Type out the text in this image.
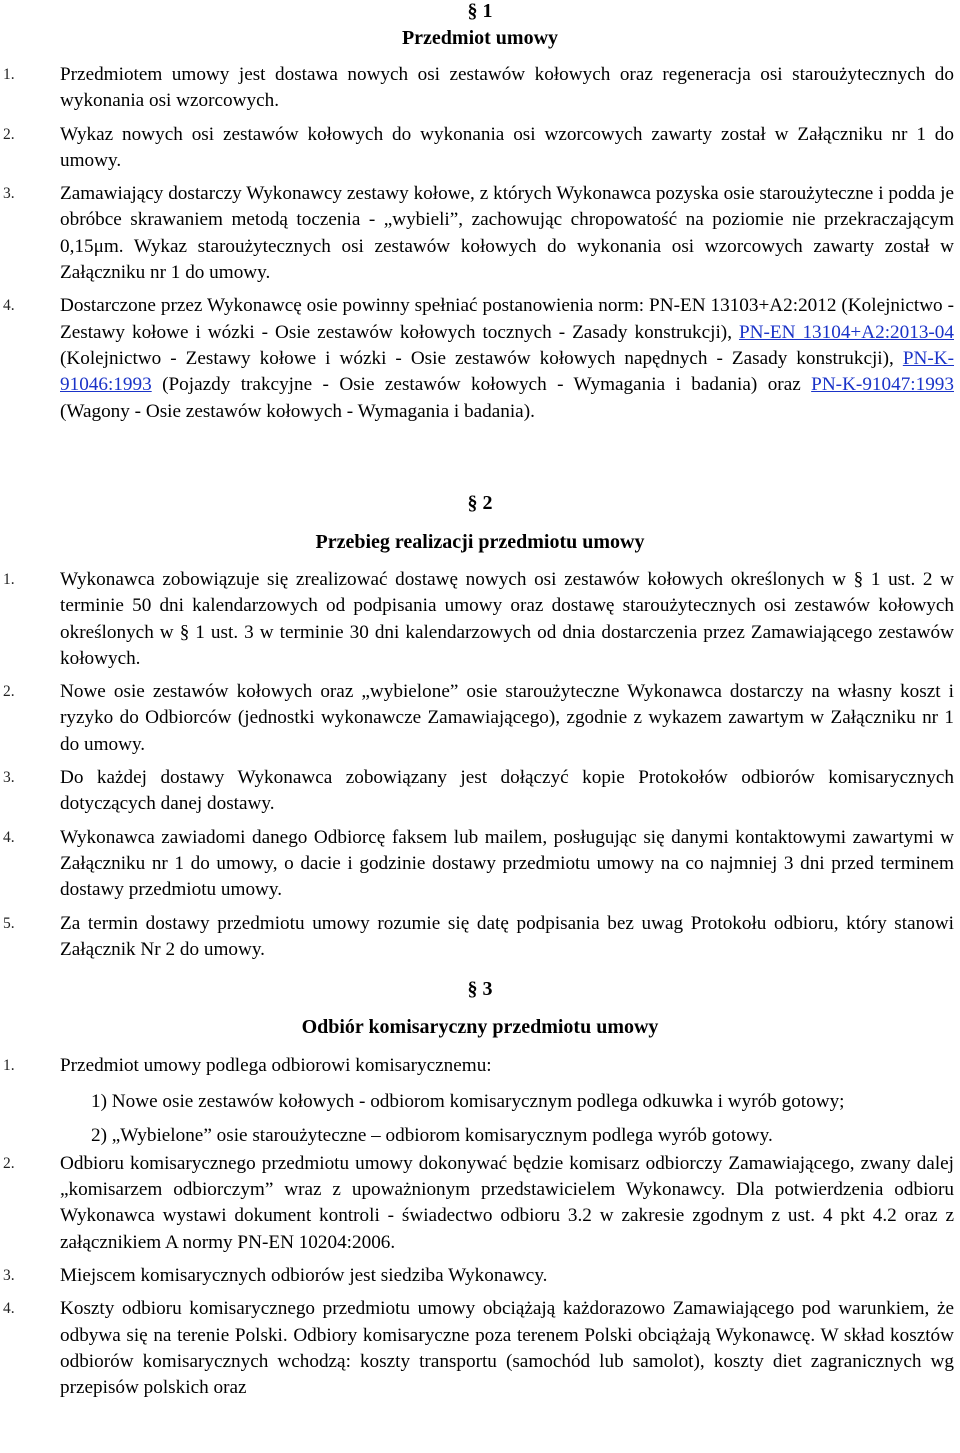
§ 1
Przedmiot umowy
1.	Przedmiotem umowy jest dostawa nowych osi zestawów kołowych oraz regeneracja osi staroużytecznych do wykonania osi wzorcowych.
2.	Wykaz nowych osi zestawów kołowych do wykonania osi wzorcowych zawarty został w Załączniku nr 1 do umowy.
3.	Zamawiający dostarczy Wykonawcy zestawy kołowe, z których Wykonawca pozyska osie staroużyteczne i podda je obróbce skrawaniem metodą toczenia - „wybieli”, zachowując chropowatość na poziomie nie przekraczającym 0,15μm. Wykaz staroużytecznych osi zestawów kołowych do wykonania osi wzorcowych zawarty został w Załączniku nr 1 do umowy.
4.	Dostarczone przez Wykonawcę osie powinny spełniać postanowienia norm: PN-EN 13103+A2:2012 (Kolejnictwo - Zestawy kołowe i wózki - Osie zestawów kołowych tocznych - Zasady konstrukcji), PN-EN 13104+A2:2013-04 (Kolejnictwo - Zestawy kołowe i wózki - Osie zestawów kołowych napędnych - Zasady konstrukcji), PN-K-91046:1993 (Pojazdy trakcyjne - Osie zestawów kołowych - Wymagania i badania) oraz PN-K-91047:1993 (Wagony - Osie zestawów kołowych - Wymagania i badania).
§ 2
Przebieg realizacji przedmiotu umowy
1.	Wykonawca zobowiązuje się zrealizować dostawę nowych osi zestawów kołowych określonych w § 1 ust. 2 w terminie 50 dni kalendarzowych od podpisania umowy oraz dostawę staroużytecznych osi zestawów kołowych określonych w § 1 ust. 3 w terminie 30 dni kalendarzowych od dnia dostarczenia przez Zamawiającego zestawów kołowych.
2.	Nowe osie zestawów kołowych oraz „wybielone” osie staroużyteczne Wykonawca dostarczy na własny koszt i ryzyko do Odbiorców (jednostki wykonawcze Zamawiającego), zgodnie z wykazem zawartym w Załączniku nr 1 do umowy.
3.	Do każdej dostawy Wykonawca zobowiązany jest dołączyć kopie Protokołów odbiorów komisarycznych dotyczących danej dostawy.
4.	Wykonawca zawiadomi danego Odbiorcę faksem lub mailem, posługując się danymi kontaktowymi zawartymi w Załączniku nr 1 do umowy, o dacie i godzinie dostawy przedmiotu umowy na co najmniej 3 dni przed terminem dostawy przedmiotu umowy.
5.	Za termin dostawy przedmiotu umowy rozumie się datę podpisania bez uwag Protokołu odbioru, który stanowi Załącznik Nr 2 do umowy.
§ 3
Odbiór komisaryczny przedmiotu umowy
1.	Przedmiot umowy podlega odbiorowi komisarycznemu:
1) Nowe osie zestawów kołowych - odbiorom komisarycznym podlega odkuwka i wyrób gotowy;
2) „Wybielone” osie staroużyteczne – odbiorom komisarycznym podlega wyrób gotowy.
2.	Odbioru komisarycznego przedmiotu umowy dokonywać będzie komisarz odbiorczy Zamawiającego, zwany dalej „komisarzem odbiorczym” wraz z upoważnionym przedstawicielem Wykonawcy. Dla potwierdzenia odbioru Wykonawca wystawi dokument kontroli - świadectwo odbioru 3.2 w zakresie zgodnym z ust. 4 pkt 4.2 oraz z załącznikiem A normy PN-EN 10204:2006.
3.	Miejscem komisarycznych odbiorów jest siedziba Wykonawcy.
4.	Koszty odbioru komisarycznego przedmiotu umowy obciążają każdorazowo Zamawiającego pod warunkiem, że odbywa się na terenie Polski. Odbiory komisaryczne poza terenem Polski obciążają Wykonawcę. W skład kosztów odbiorów komisarycznych wchodzą: koszty transportu (samochód lub samolot), koszty diet zagranicznych wg przepisów polskich oraz
